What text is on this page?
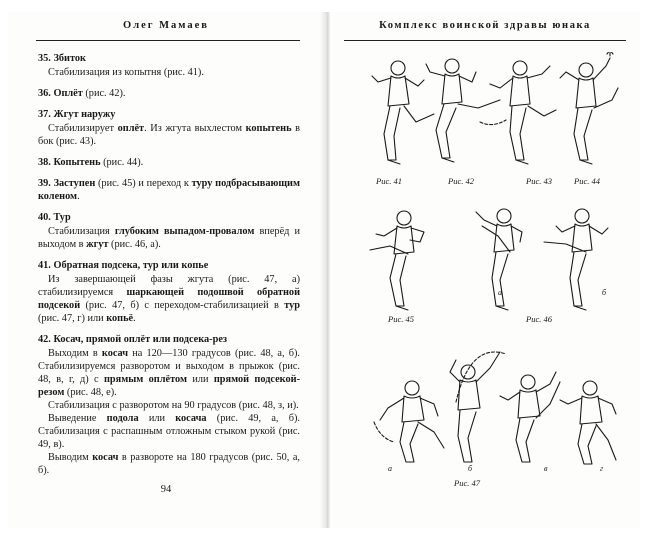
Олег Мамаев

35. Збиток

Стабилизация из копытня (рис. 41).

36. Оплёт (рис. 42).

37. Жгут наружу

Стабилизирует оплёт. Из жгута выхлестом копытень в бок (рис. 43).

38. Копытень (рис. 44).

39. Заступен (рис. 45) и переход к туру подбрасывающим коленом.

40. Тур

Стабилизация глубоким выпадом-провалом вперёд и выходом в жгут (рис. 46, а).

41. Обратная подсека, тур или копье

Из завершающей фазы жгута (рис. 47, а) стабилизируемся шаркающей подошвой обратной подсекой (рис. 47, б) с переходом-стабилизацией в тур (рис. 47, г) или копьё.

42. Косач, прямой оплёт или подсека-рез

Выходим в косач на 120—130 градусов (рис. 48, а, б). Стабилизируемся разворотом и выходом в прыжок (рис. 48, в, г, д) с прямым оплётом или прямой подсекой-резом (рис. 48, е).

Стабилизация с разворотом на 90 градусов (рис. 48, з, и).

Выведение подола или косача (рис. 49, а, б). Стабилизация с распашным отложным стыком рукой (рис. 49, в).

Выводим косач в развороте на 180 градусов (рис. 50, а, б).

94
Комплекс воинской здравы юнака
Рис. 41	Рис. 42	Рис. 43	Рис. 44
а	б
Рис. 45	Рис. 46
а	б	в	г
Рис. 47
